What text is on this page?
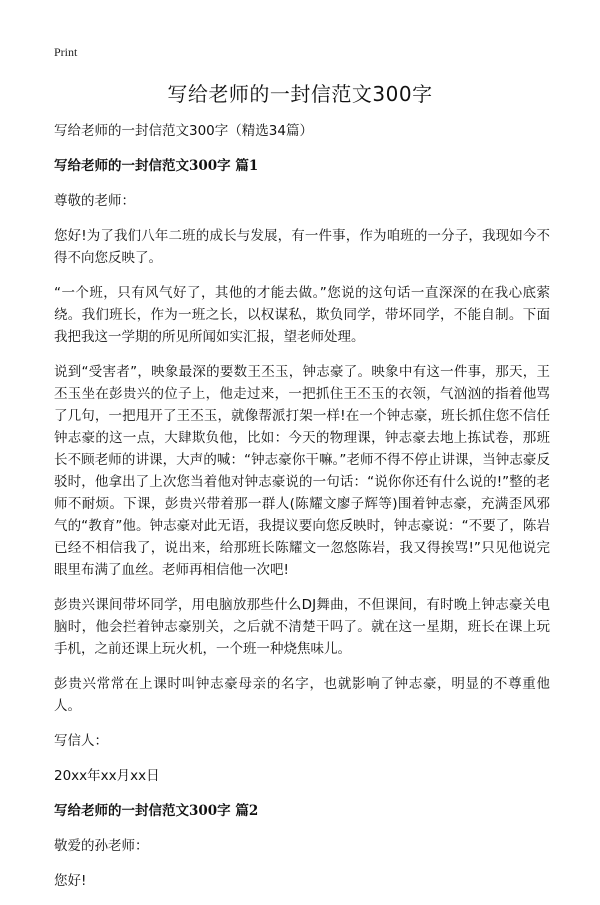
Print
写给老师的一封信范文300字

写给老师的一封信范文300字（精选34篇）

写给老师的一封信范文300字 篇1

尊敬的老师：

您好!为了我们八年二班的成长与发展，有一件事，作为咱班的一分子，我现如今不得不向您反映了。

“一个班，只有风气好了，其他的才能去做。”您说的这句话一直深深的在我心底萦绕。我们班长，作为一班之长，以权谋私，欺负同学，带坏同学，不能自制。下面我把我这一学期的所见所闻如实汇报，望老师处理。

说到“受害者”，映象最深的要数王丕玉，钟志豪了。映象中有这一件事，那天，王丕玉坐在彭贵兴的位子上，他走过来，一把抓住王丕玉的衣领，气汹汹的指着他骂了几句，一把甩开了王丕玉，就像帮派打架一样!在一个钟志豪，班长抓住您不信任钟志豪的这一点，大肆欺负他，比如：今天的物理课，钟志豪去地上拣试卷，那班长不顾老师的讲课，大声的喊：“钟志豪你干嘛。”老师不得不停止讲课，当钟志豪反驳时，他拿出了上次您当着他对钟志豪说的一句话：“说你你还有什么说的!”整的老师不耐烦。下课，彭贵兴带着那一群人(陈耀文廖子辉等)围着钟志豪，充满歪风邪气的“教育”他。钟志豪对此无语，我提议要向您反映时，钟志豪说：“不要了，陈岩已经不相信我了，说出来，给那班长陈耀文一忽悠陈岩，我又得挨骂!”只见他说完眼里布满了血丝。老师再相信他一次吧!

彭贵兴课间带坏同学，用电脑放那些什么DJ舞曲，不但课间，有时晚上钟志豪关电脑时，他会拦着钟志豪别关，之后就不清楚干吗了。就在这一星期，班长在课上玩手机，之前还课上玩火机，一个班一种烧焦味儿。

彭贵兴常常在上课时叫钟志豪母亲的名字，也就影响了钟志豪，明显的不尊重他人。

写信人：

20xx年xx月xx日

写给老师的一封信范文300字 篇2

敬爱的孙老师：

您好!
